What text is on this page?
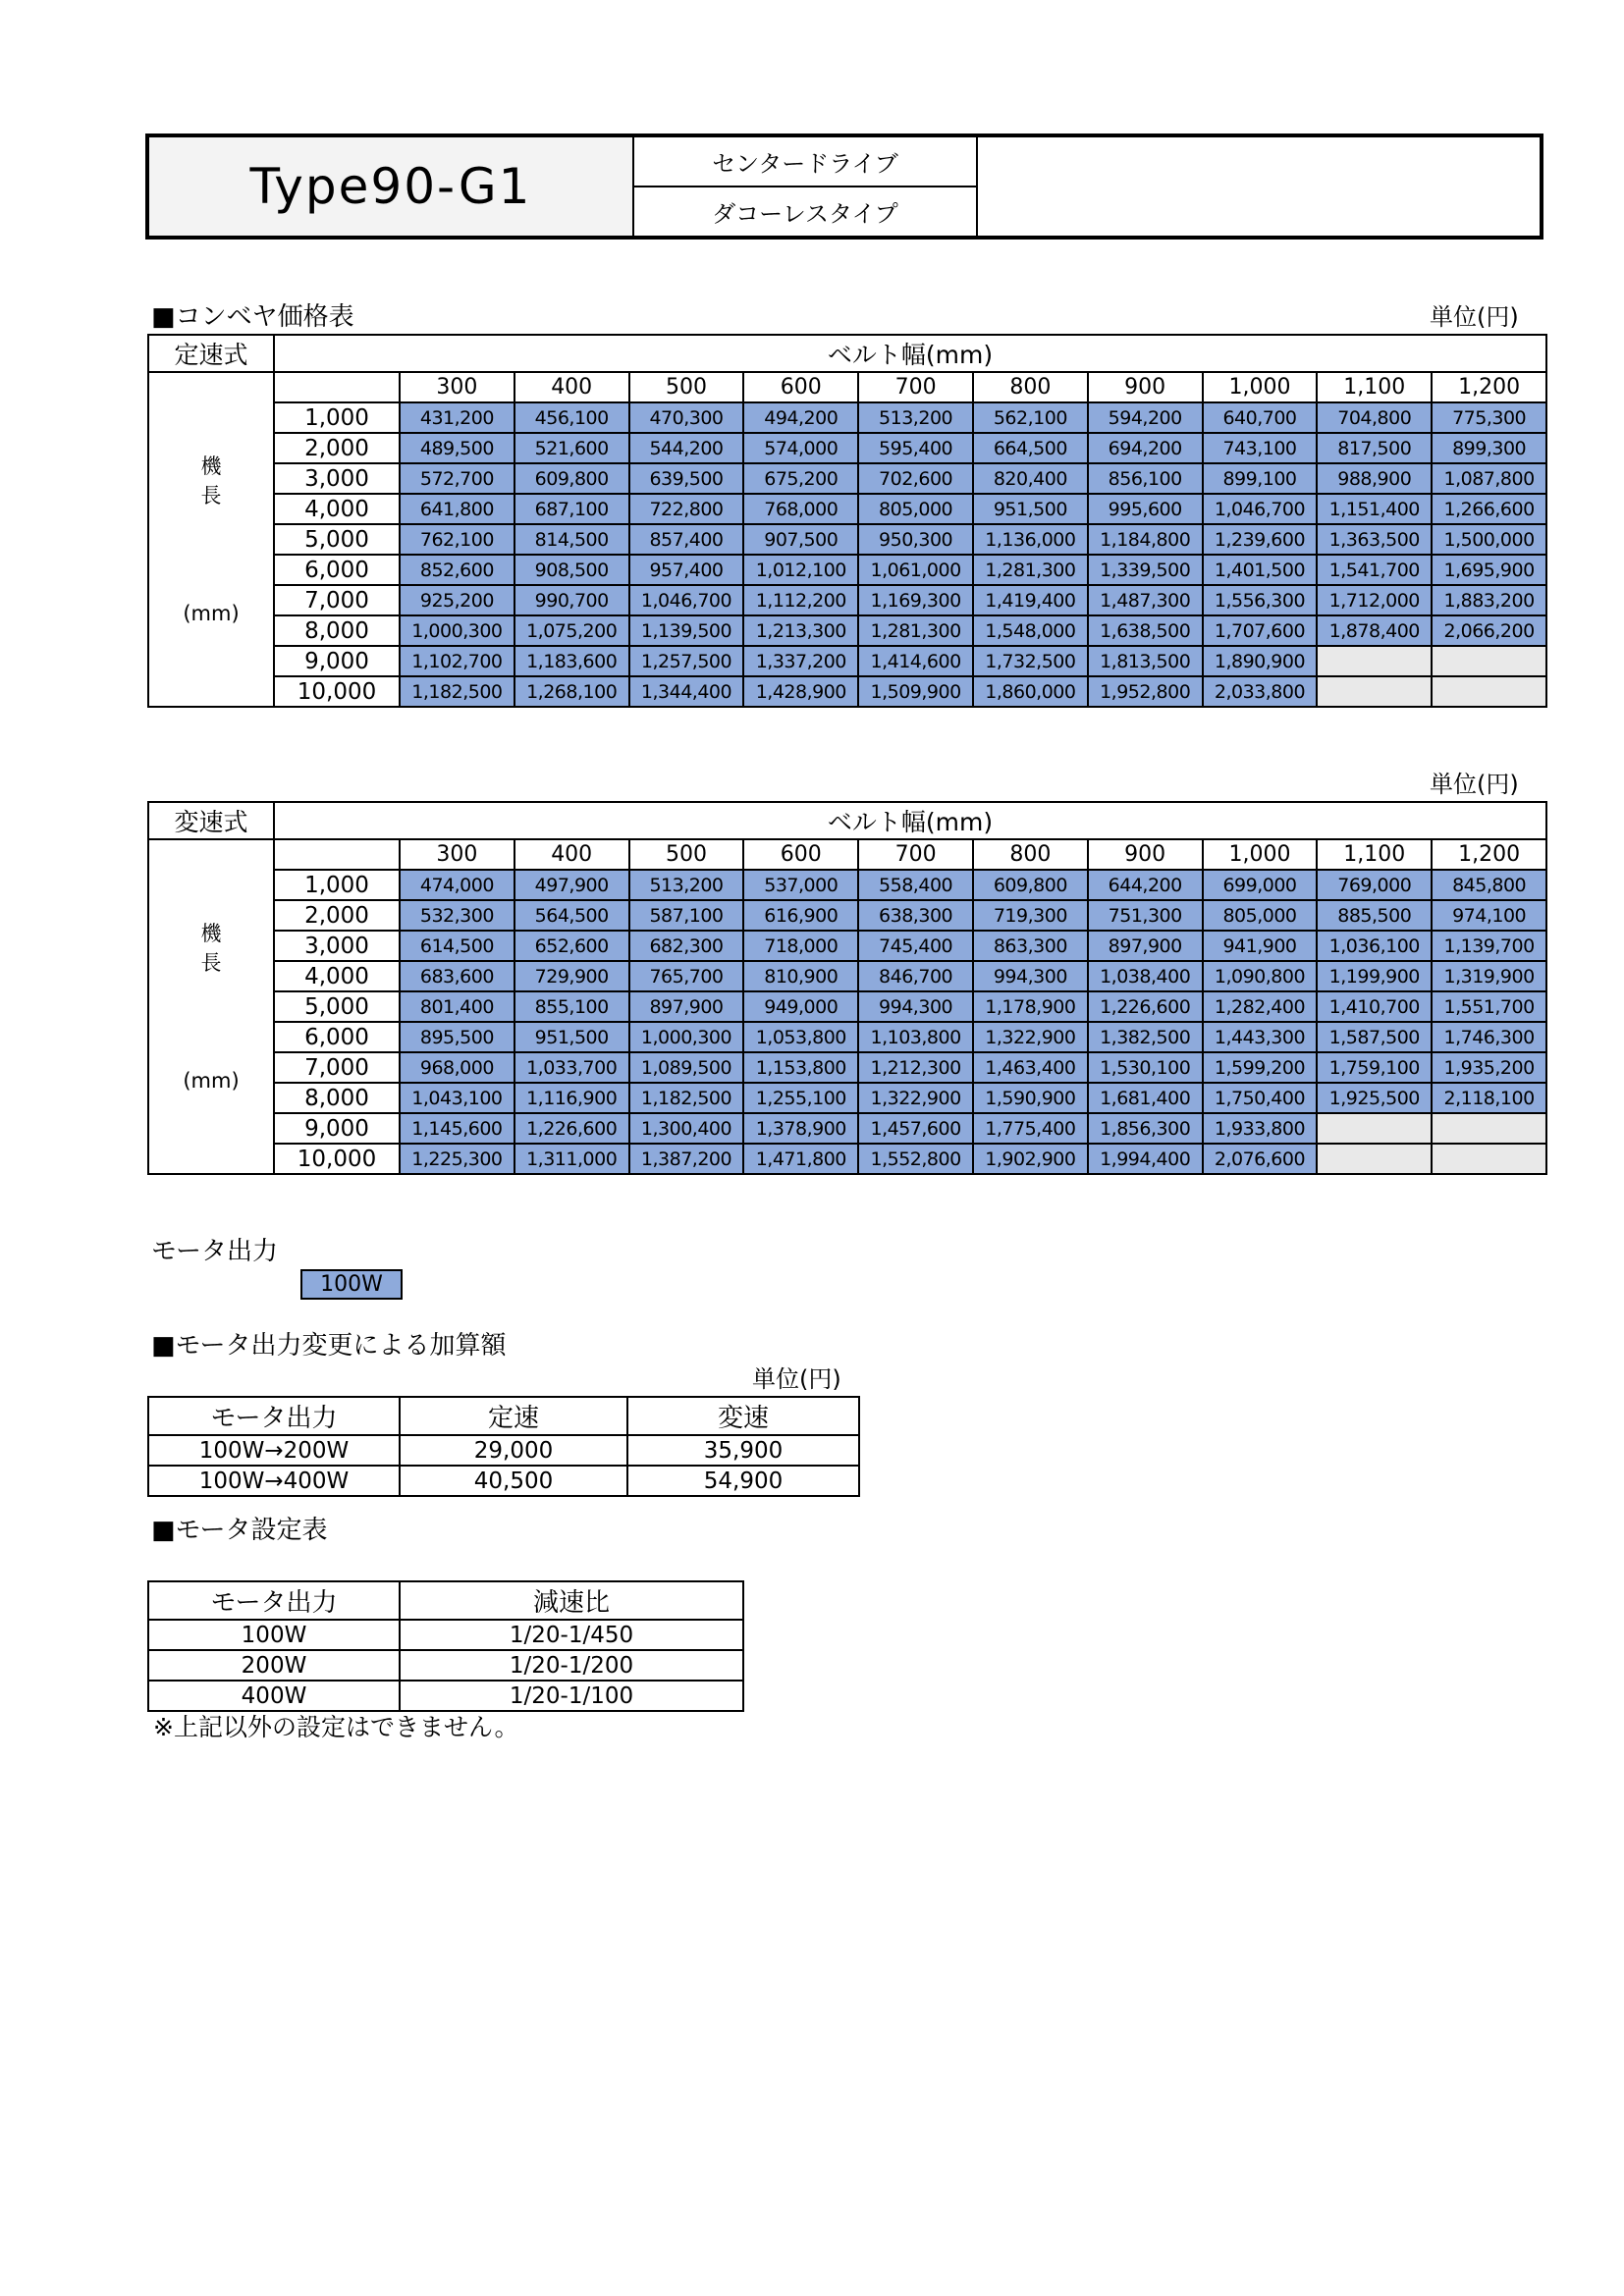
Type90-G1	センタードライブ
ダコーレスタイプ
■コンベヤ価格表	単位(円)
定速式	ベルト幅(mm)										

機
長
(mm)		300	400	500	600	700	800	900	1,000	1,100	1,200
	1,000	431,200	456,100	470,300	494,200	513,200	562,100	594,200	640,700	704,800	775,300
	2,000	489,500	521,600	544,200	574,000	595,400	664,500	694,200	743,100	817,500	899,300
	3,000	572,700	609,800	639,500	675,200	702,600	820,400	856,100	899,100	988,900	1,087,800
	4,000	641,800	687,100	722,800	768,000	805,000	951,500	995,600	1,046,700	1,151,400	1,266,600
	5,000	762,100	814,500	857,400	907,500	950,300	1,136,000	1,184,800	1,239,600	1,363,500	1,500,000
	6,000	852,600	908,500	957,400	1,012,100	1,061,000	1,281,300	1,339,500	1,401,500	1,541,700	1,695,900
	7,000	925,200	990,700	1,046,700	1,112,200	1,169,300	1,419,400	1,487,300	1,556,300	1,712,000	1,883,200
	8,000	1,000,300	1,075,200	1,139,500	1,213,300	1,281,300	1,548,000	1,638,500	1,707,600	1,878,400	2,066,200
	9,000	1,102,700	1,183,600	1,257,500	1,337,200	1,414,600	1,732,500	1,813,500	1,890,900		
	10,000	1,182,500	1,268,100	1,344,400	1,428,900	1,509,900	1,860,000	1,952,800	2,033,800		
単位(円)
変速式	ベルト幅(mm)										

機
長
(mm)		300	400	500	600	700	800	900	1,000	1,100	1,200
	1,000	474,000	497,900	513,200	537,000	558,400	609,800	644,200	699,000	769,000	845,800
	2,000	532,300	564,500	587,100	616,900	638,300	719,300	751,300	805,000	885,500	974,100
	3,000	614,500	652,600	682,300	718,000	745,400	863,300	897,900	941,900	1,036,100	1,139,700
	4,000	683,600	729,900	765,700	810,900	846,700	994,300	1,038,400	1,090,800	1,199,900	1,319,900
	5,000	801,400	855,100	897,900	949,000	994,300	1,178,900	1,226,600	1,282,400	1,410,700	1,551,700
	6,000	895,500	951,500	1,000,300	1,053,800	1,103,800	1,322,900	1,382,500	1,443,300	1,587,500	1,746,300
	7,000	968,000	1,033,700	1,089,500	1,153,800	1,212,300	1,463,400	1,530,100	1,599,200	1,759,100	1,935,200
	8,000	1,043,100	1,116,900	1,182,500	1,255,100	1,322,900	1,590,900	1,681,400	1,750,400	1,925,500	2,118,100
	9,000	1,145,600	1,226,600	1,300,400	1,378,900	1,457,600	1,775,400	1,856,300	1,933,800		
	10,000	1,225,300	1,311,000	1,387,200	1,471,800	1,552,800	1,902,900	1,994,400	2,076,600		
モータ出力
100W
■モータ出力変更による加算額
単位(円)
モータ出力	定速	変速
100W→200W	29,000	35,900
100W→400W	40,500	54,900
■モータ設定表
モータ出力	減速比
100W	1/20-1/450
200W	1/20-1/200
400W	1/20-1/100
※上記以外の設定はできません。
